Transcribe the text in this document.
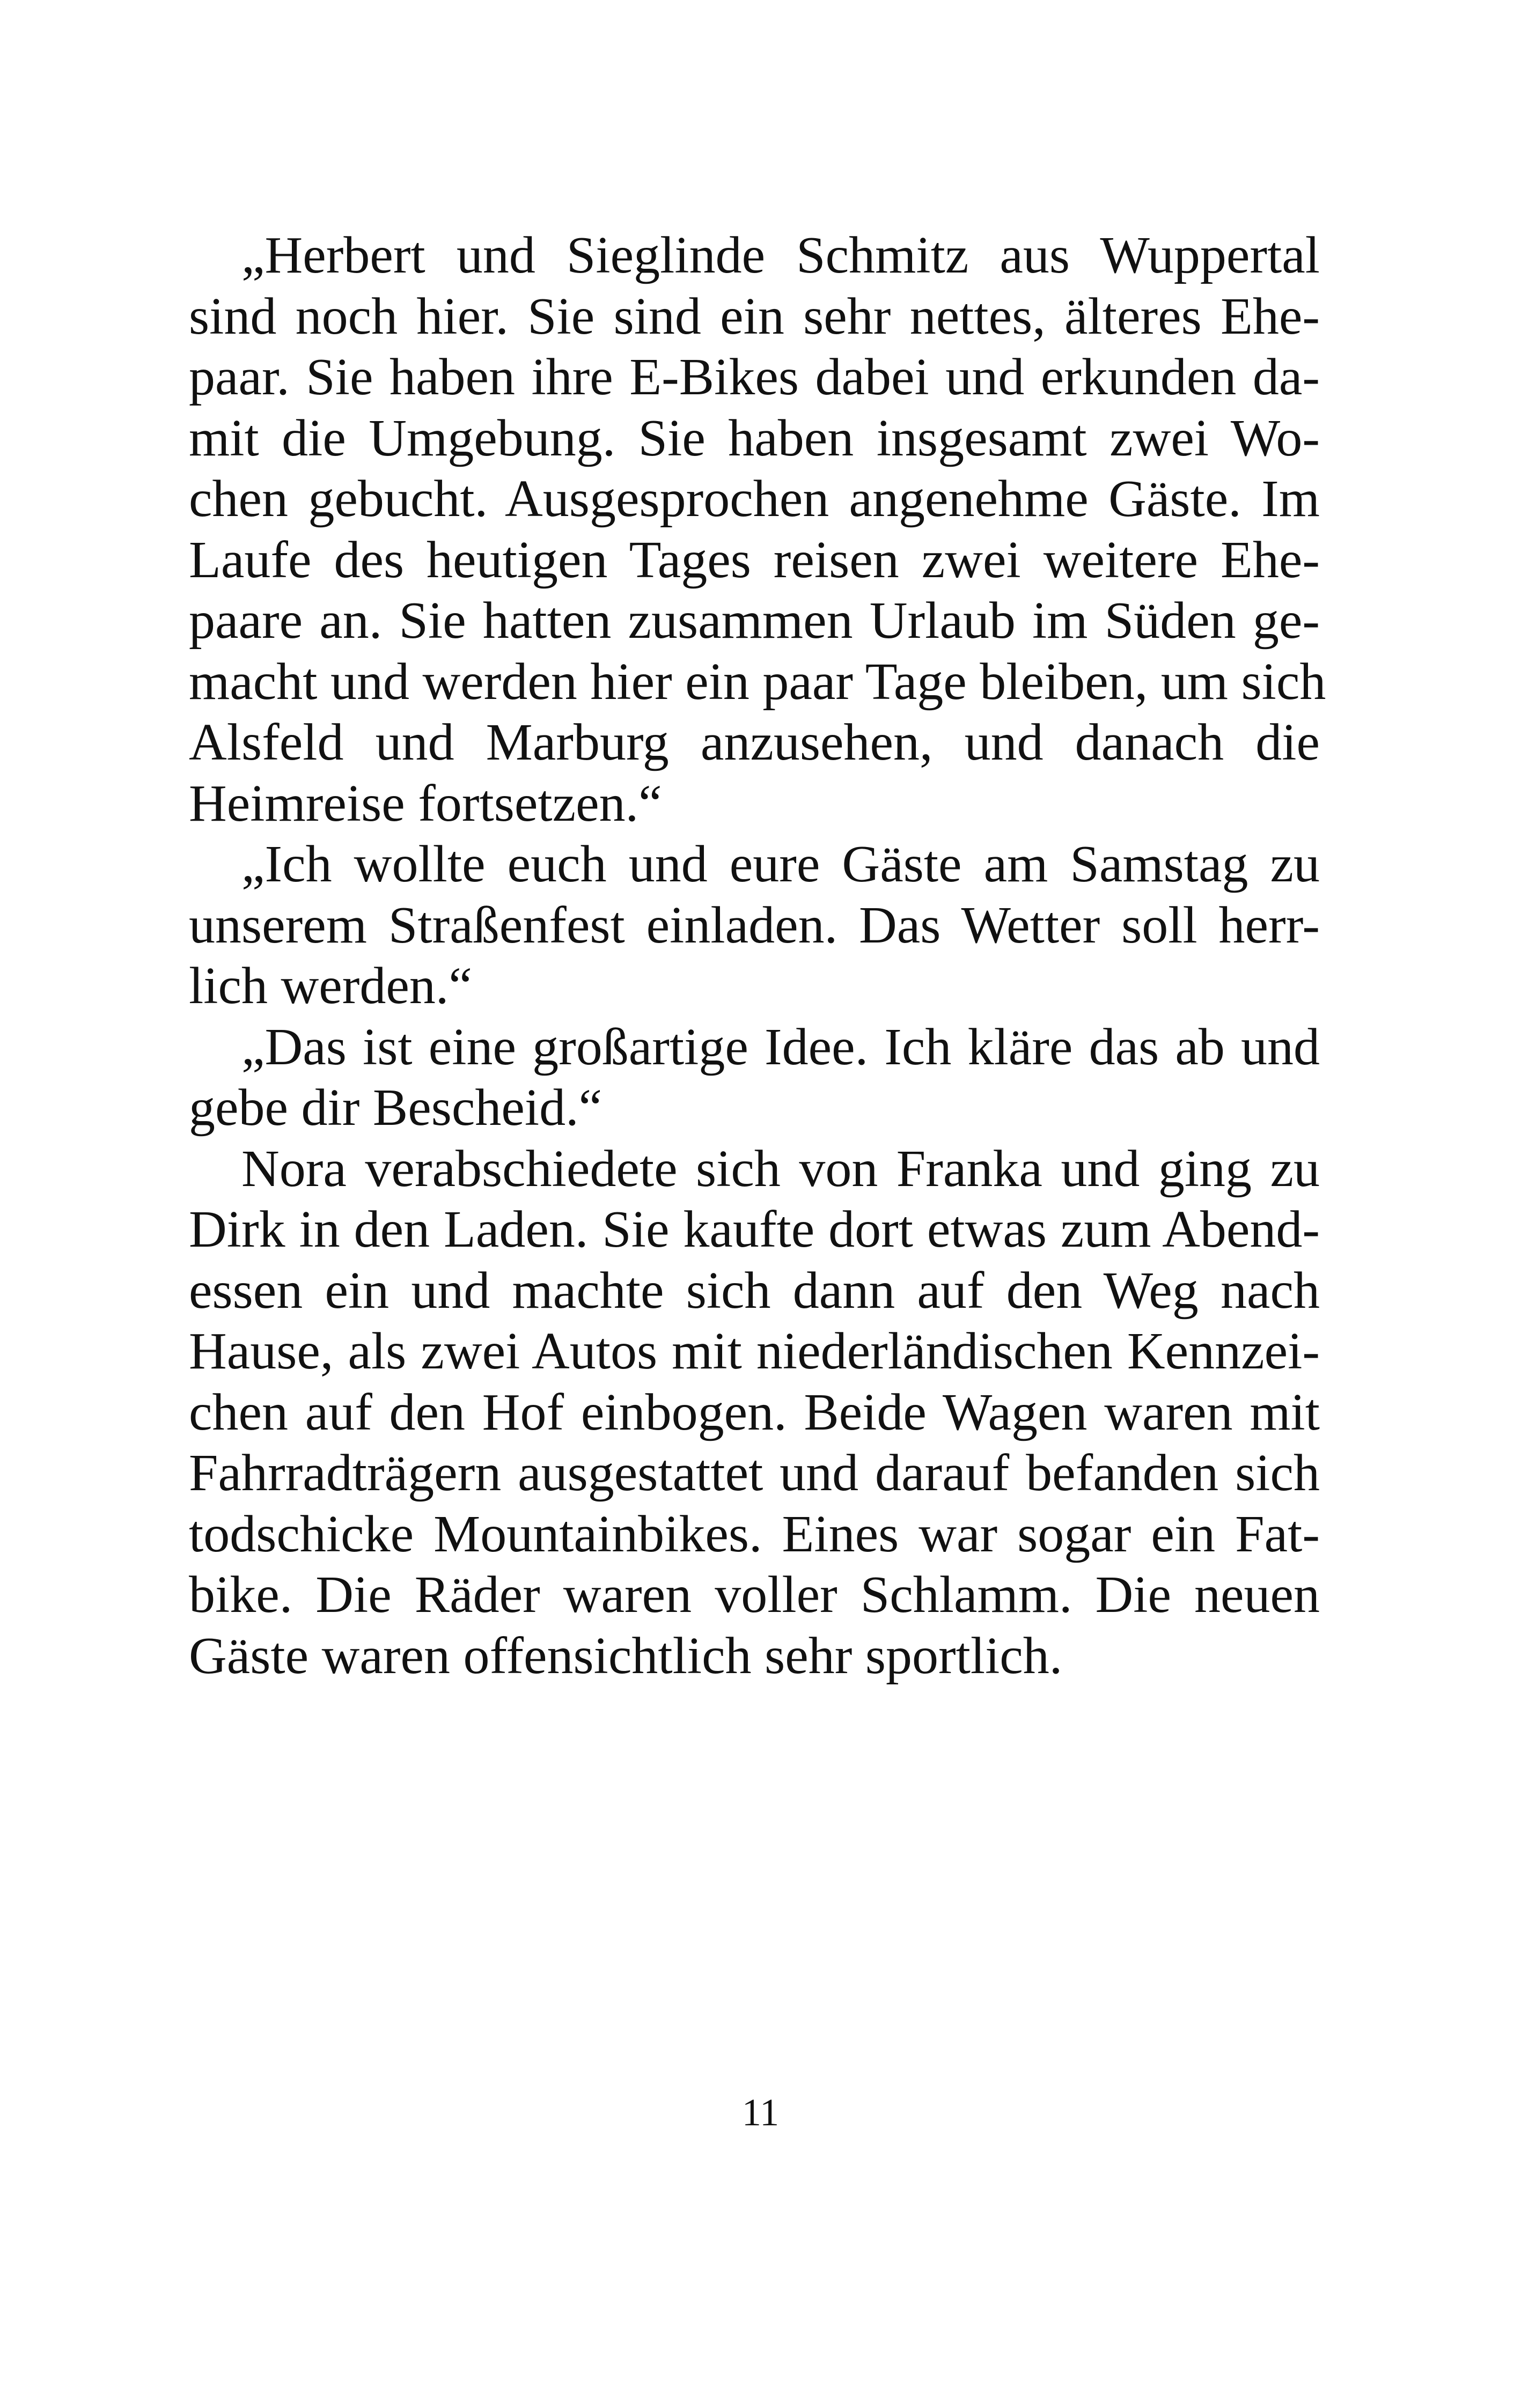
„Herbert und Sieglinde Schmitz aus Wuppertal
sind noch hier. Sie sind ein sehr nettes, älteres Ehe-
paar. Sie haben ihre E-Bikes dabei und erkunden da-
mit die Umgebung. Sie haben insgesamt zwei Wo-
chen gebucht. Ausgesprochen angenehme Gäste. Im
Laufe des heutigen Tages reisen zwei weitere Ehe-
paare an. Sie hatten zusammen Urlaub im Süden ge-
macht und werden hier ein paar Tage bleiben, um sich
Alsfeld und Marburg anzusehen, und danach die
Heimreise fortsetzen.“
„Ich wollte euch und eure Gäste am Samstag zu
unserem Straßenfest einladen. Das Wetter soll herr-
lich werden.“
„Das ist eine großartige Idee. Ich kläre das ab und
gebe dir Bescheid.“
Nora verabschiedete sich von Franka und ging zu
Dirk in den Laden. Sie kaufte dort etwas zum Abend-
essen ein und machte sich dann auf den Weg nach
Hause, als zwei Autos mit niederländischen Kennzei-
chen auf den Hof einbogen. Beide Wagen waren mit
Fahrradträgern ausgestattet und darauf befanden sich
todschicke Mountainbikes. Eines war sogar ein Fat-
bike. Die Räder waren voller Schlamm. Die neuen
Gäste waren offensichtlich sehr sportlich.
11
